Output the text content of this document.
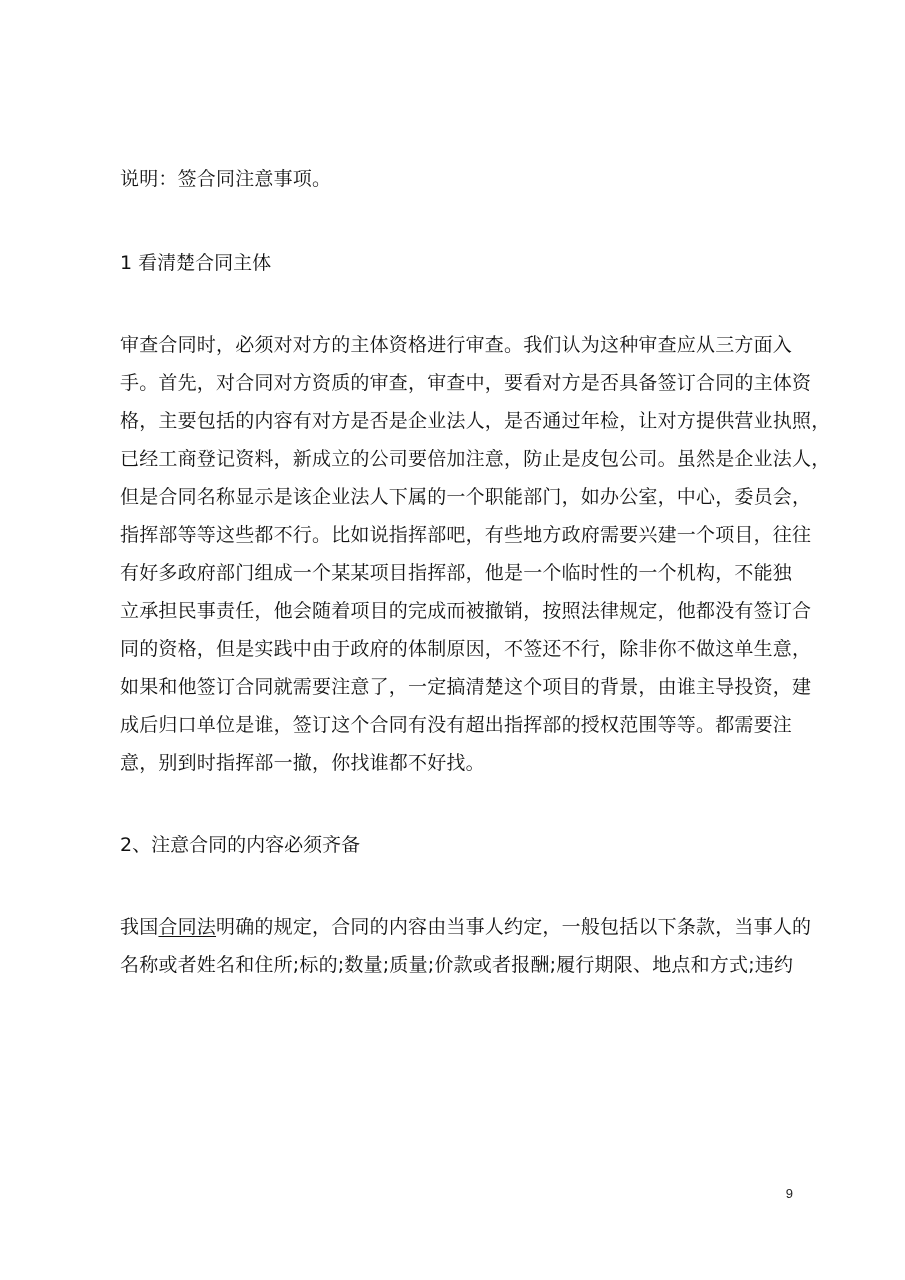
说明：签合同注意事项。
1 看清楚合同主体
审查合同时，必须对对方的主体资格进行审查。我们认为这种审查应从三方面入
手。首先，对合同对方资质的审查，审查中，要看对方是否具备签订合同的主体资
格，主要包括的内容有对方是否是企业法人，是否通过年检，让对方提供营业执照，
已经工商登记资料，新成立的公司要倍加注意，防止是皮包公司。虽然是企业法人，
但是合同名称显示是该企业法人下属的一个职能部门，如办公室，中心，委员会，
指挥部等等这些都不行。比如说指挥部吧，有些地方政府需要兴建一个项目，往往
有好多政府部门组成一个某某项目指挥部，他是一个临时性的一个机构，不能独
立承担民事责任，他会随着项目的完成而被撤销，按照法律规定，他都没有签订合
同的资格，但是实践中由于政府的体制原因，不签还不行，除非你不做这单生意，
如果和他签订合同就需要注意了，一定搞清楚这个项目的背景，由谁主导投资，建
成后归口单位是谁，签订这个合同有没有超出指挥部的授权范围等等。都需要注
意，别到时指挥部一撤，你找谁都不好找。
2、注意合同的内容必须齐备
我国合同法明确的规定，合同的内容由当事人约定，一般包括以下条款，当事人的
名称或者姓名和住所;标的;数量;质量;价款或者报酬;履行期限、地点和方式;违约
9
